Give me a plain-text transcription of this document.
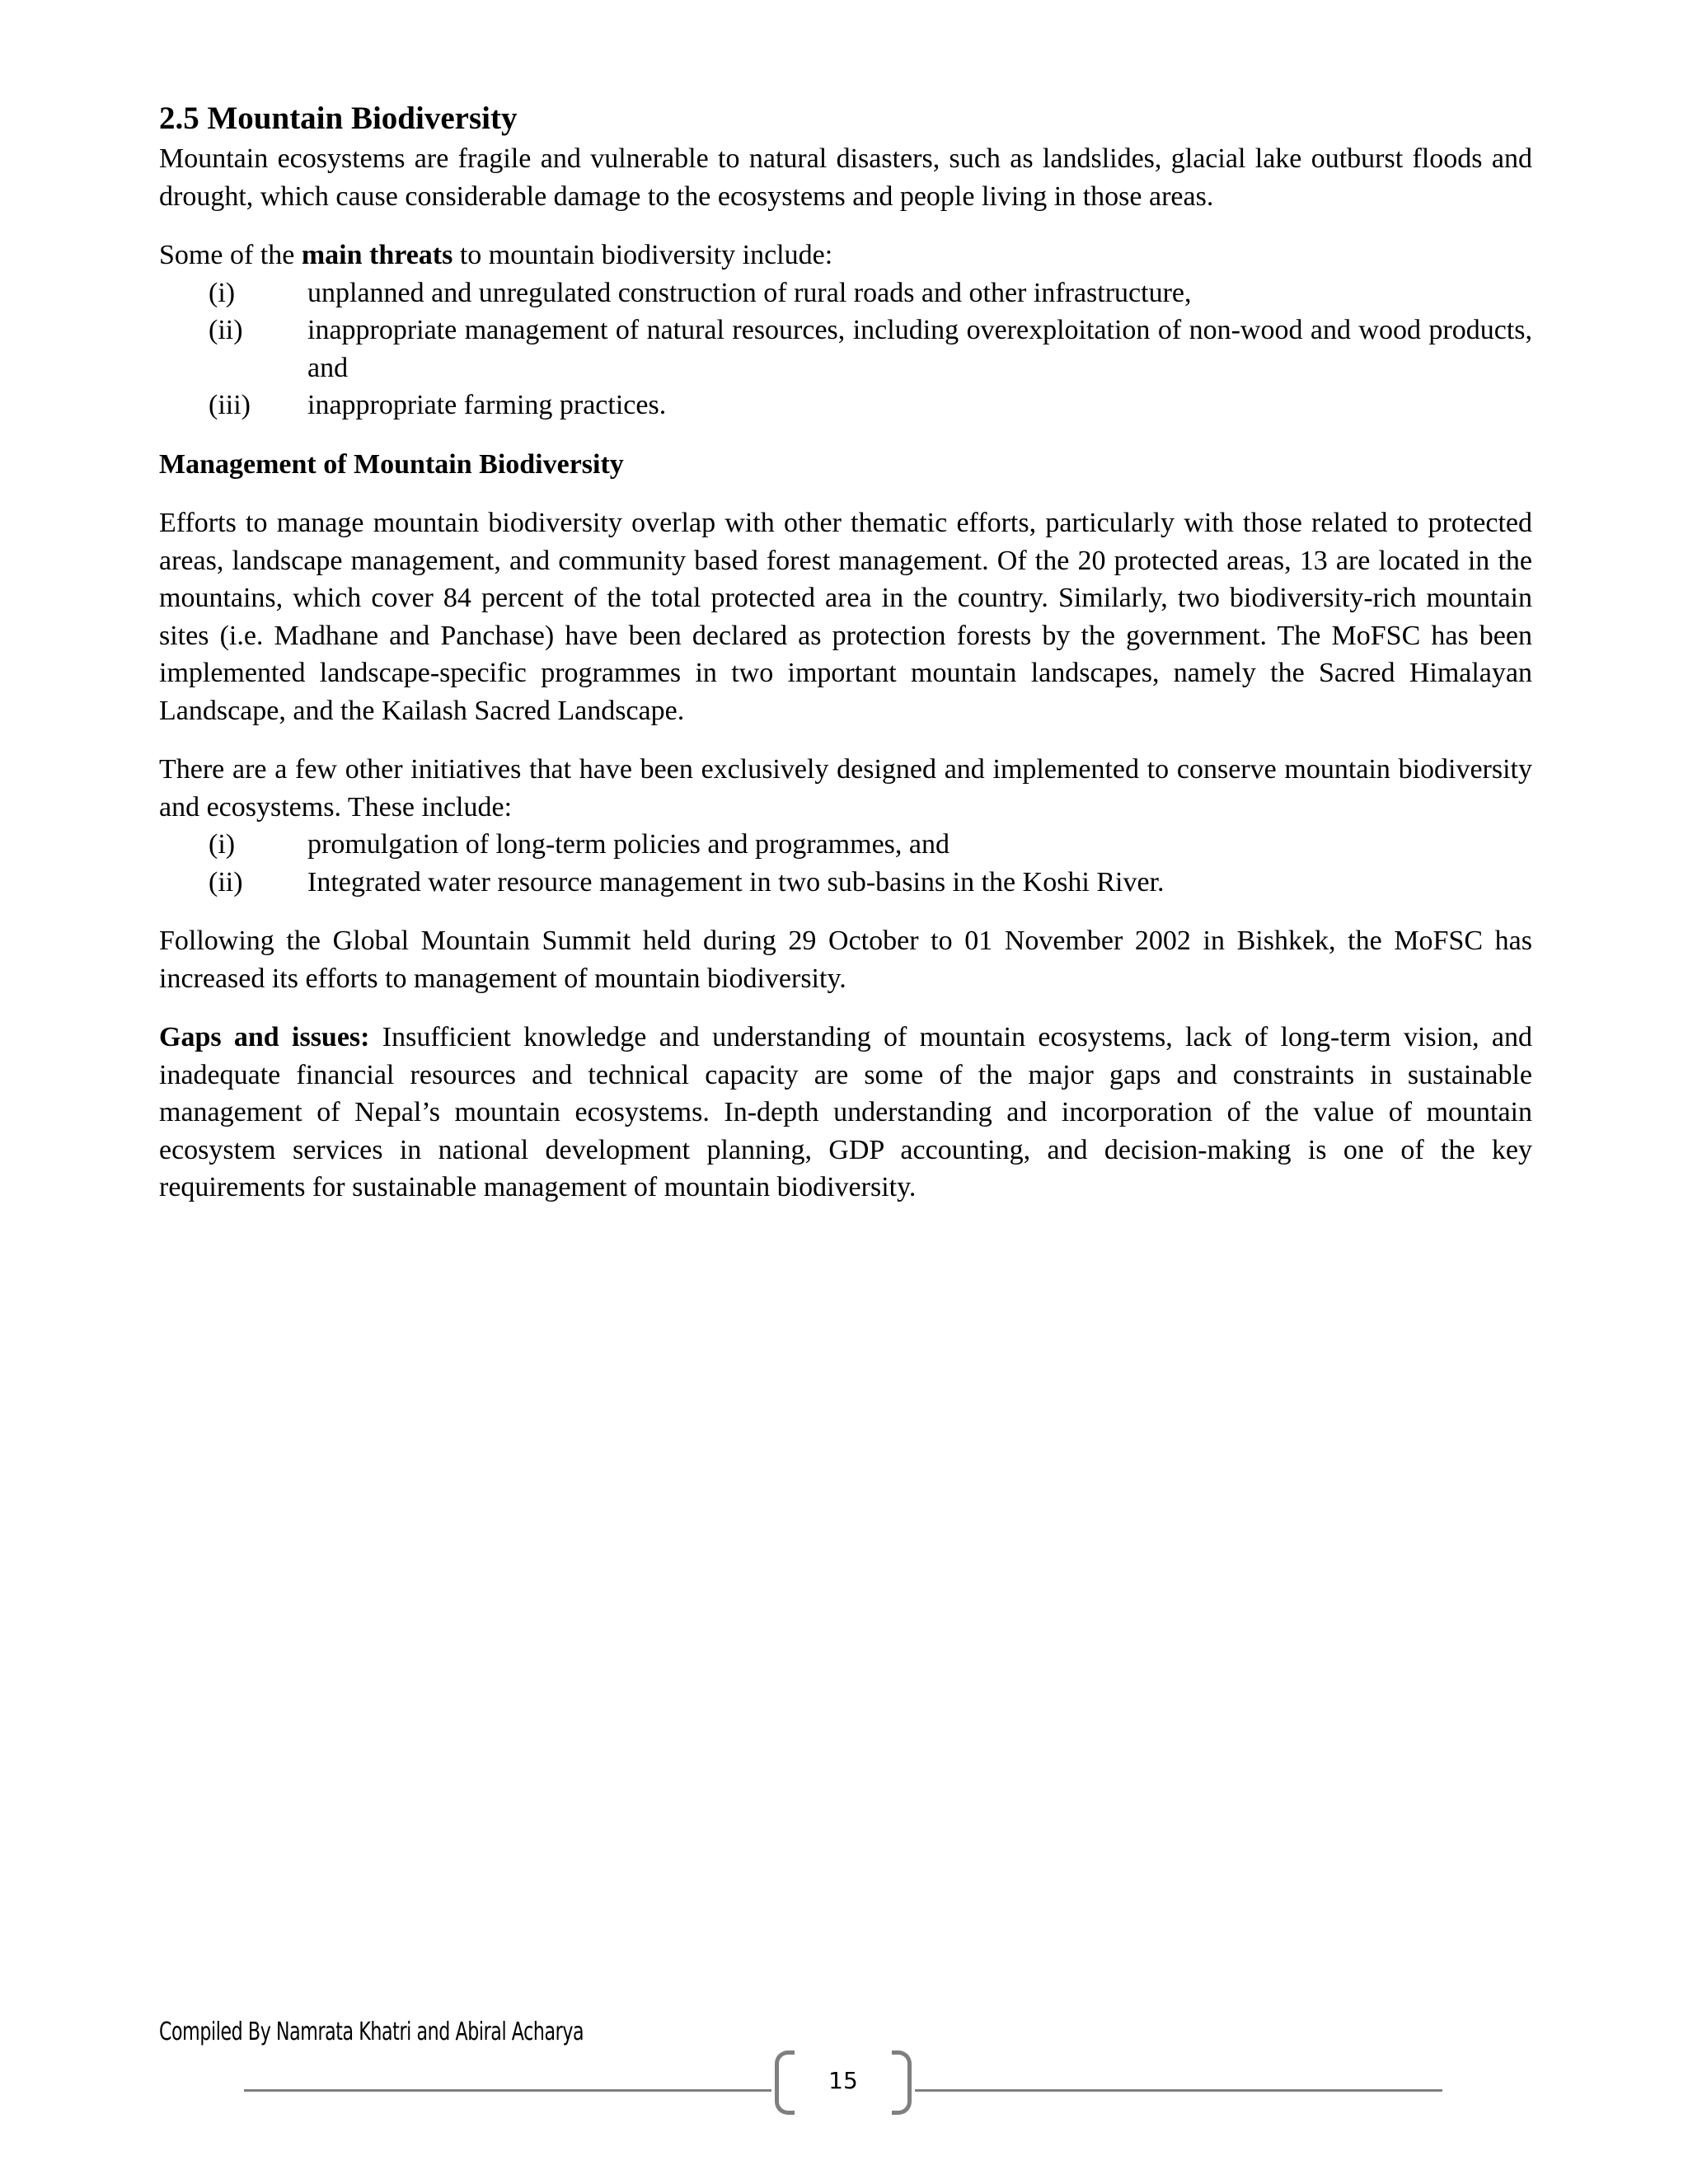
2.5 Mountain Biodiversity

Mountain ecosystems are fragile and vulnerable to natural disasters, such as landslides, glacial lake outburst floods and drought, which cause considerable damage to the ecosystems and people living in those areas.

Some of the main threats to mountain biodiversity include:

(i)	unplanned and unregulated construction of rural roads and other infrastructure,
(ii)	inappropriate management of natural resources, including overexploitation of non-wood and wood products, and
(iii)	inappropriate farming practices.
Management of Mountain Biodiversity

Efforts to manage mountain biodiversity overlap with other thematic efforts, particularly with those related to protected areas, landscape management, and community based forest management. Of the 20 protected areas, 13 are located in the mountains, which cover 84 percent of the total protected area in the country. Similarly, two biodiversity-rich mountain sites (i.e. Madhane and Panchase) have been declared as protection forests by the government. The MoFSC has been implemented landscape-specific programmes in two important mountain landscapes, namely the Sacred Himalayan Landscape, and the Kailash Sacred Landscape.

There are a few other initiatives that have been exclusively designed and implemented to conserve mountain biodiversity and ecosystems. These include:

(i)	promulgation of long-term policies and programmes, and
(ii)	Integrated water resource management in two sub-basins in the Koshi River.

Following the Global Mountain Summit held during 29 October to 01 November 2002 in Bishkek, the MoFSC has increased its efforts to management of mountain biodiversity.

Gaps and issues: Insufficient knowledge and understanding of mountain ecosystems, lack of long-term vision, and inadequate financial resources and technical capacity are some of the major gaps and constraints in sustainable management of Nepal’s mountain ecosystems. In-depth understanding and incorporation of the value of mountain ecosystem services in national development planning, GDP accounting, and decision-making is one of the key requirements for sustainable management of mountain biodiversity.

Compiled By Namrata Khatri and Abiral Acharya
15
